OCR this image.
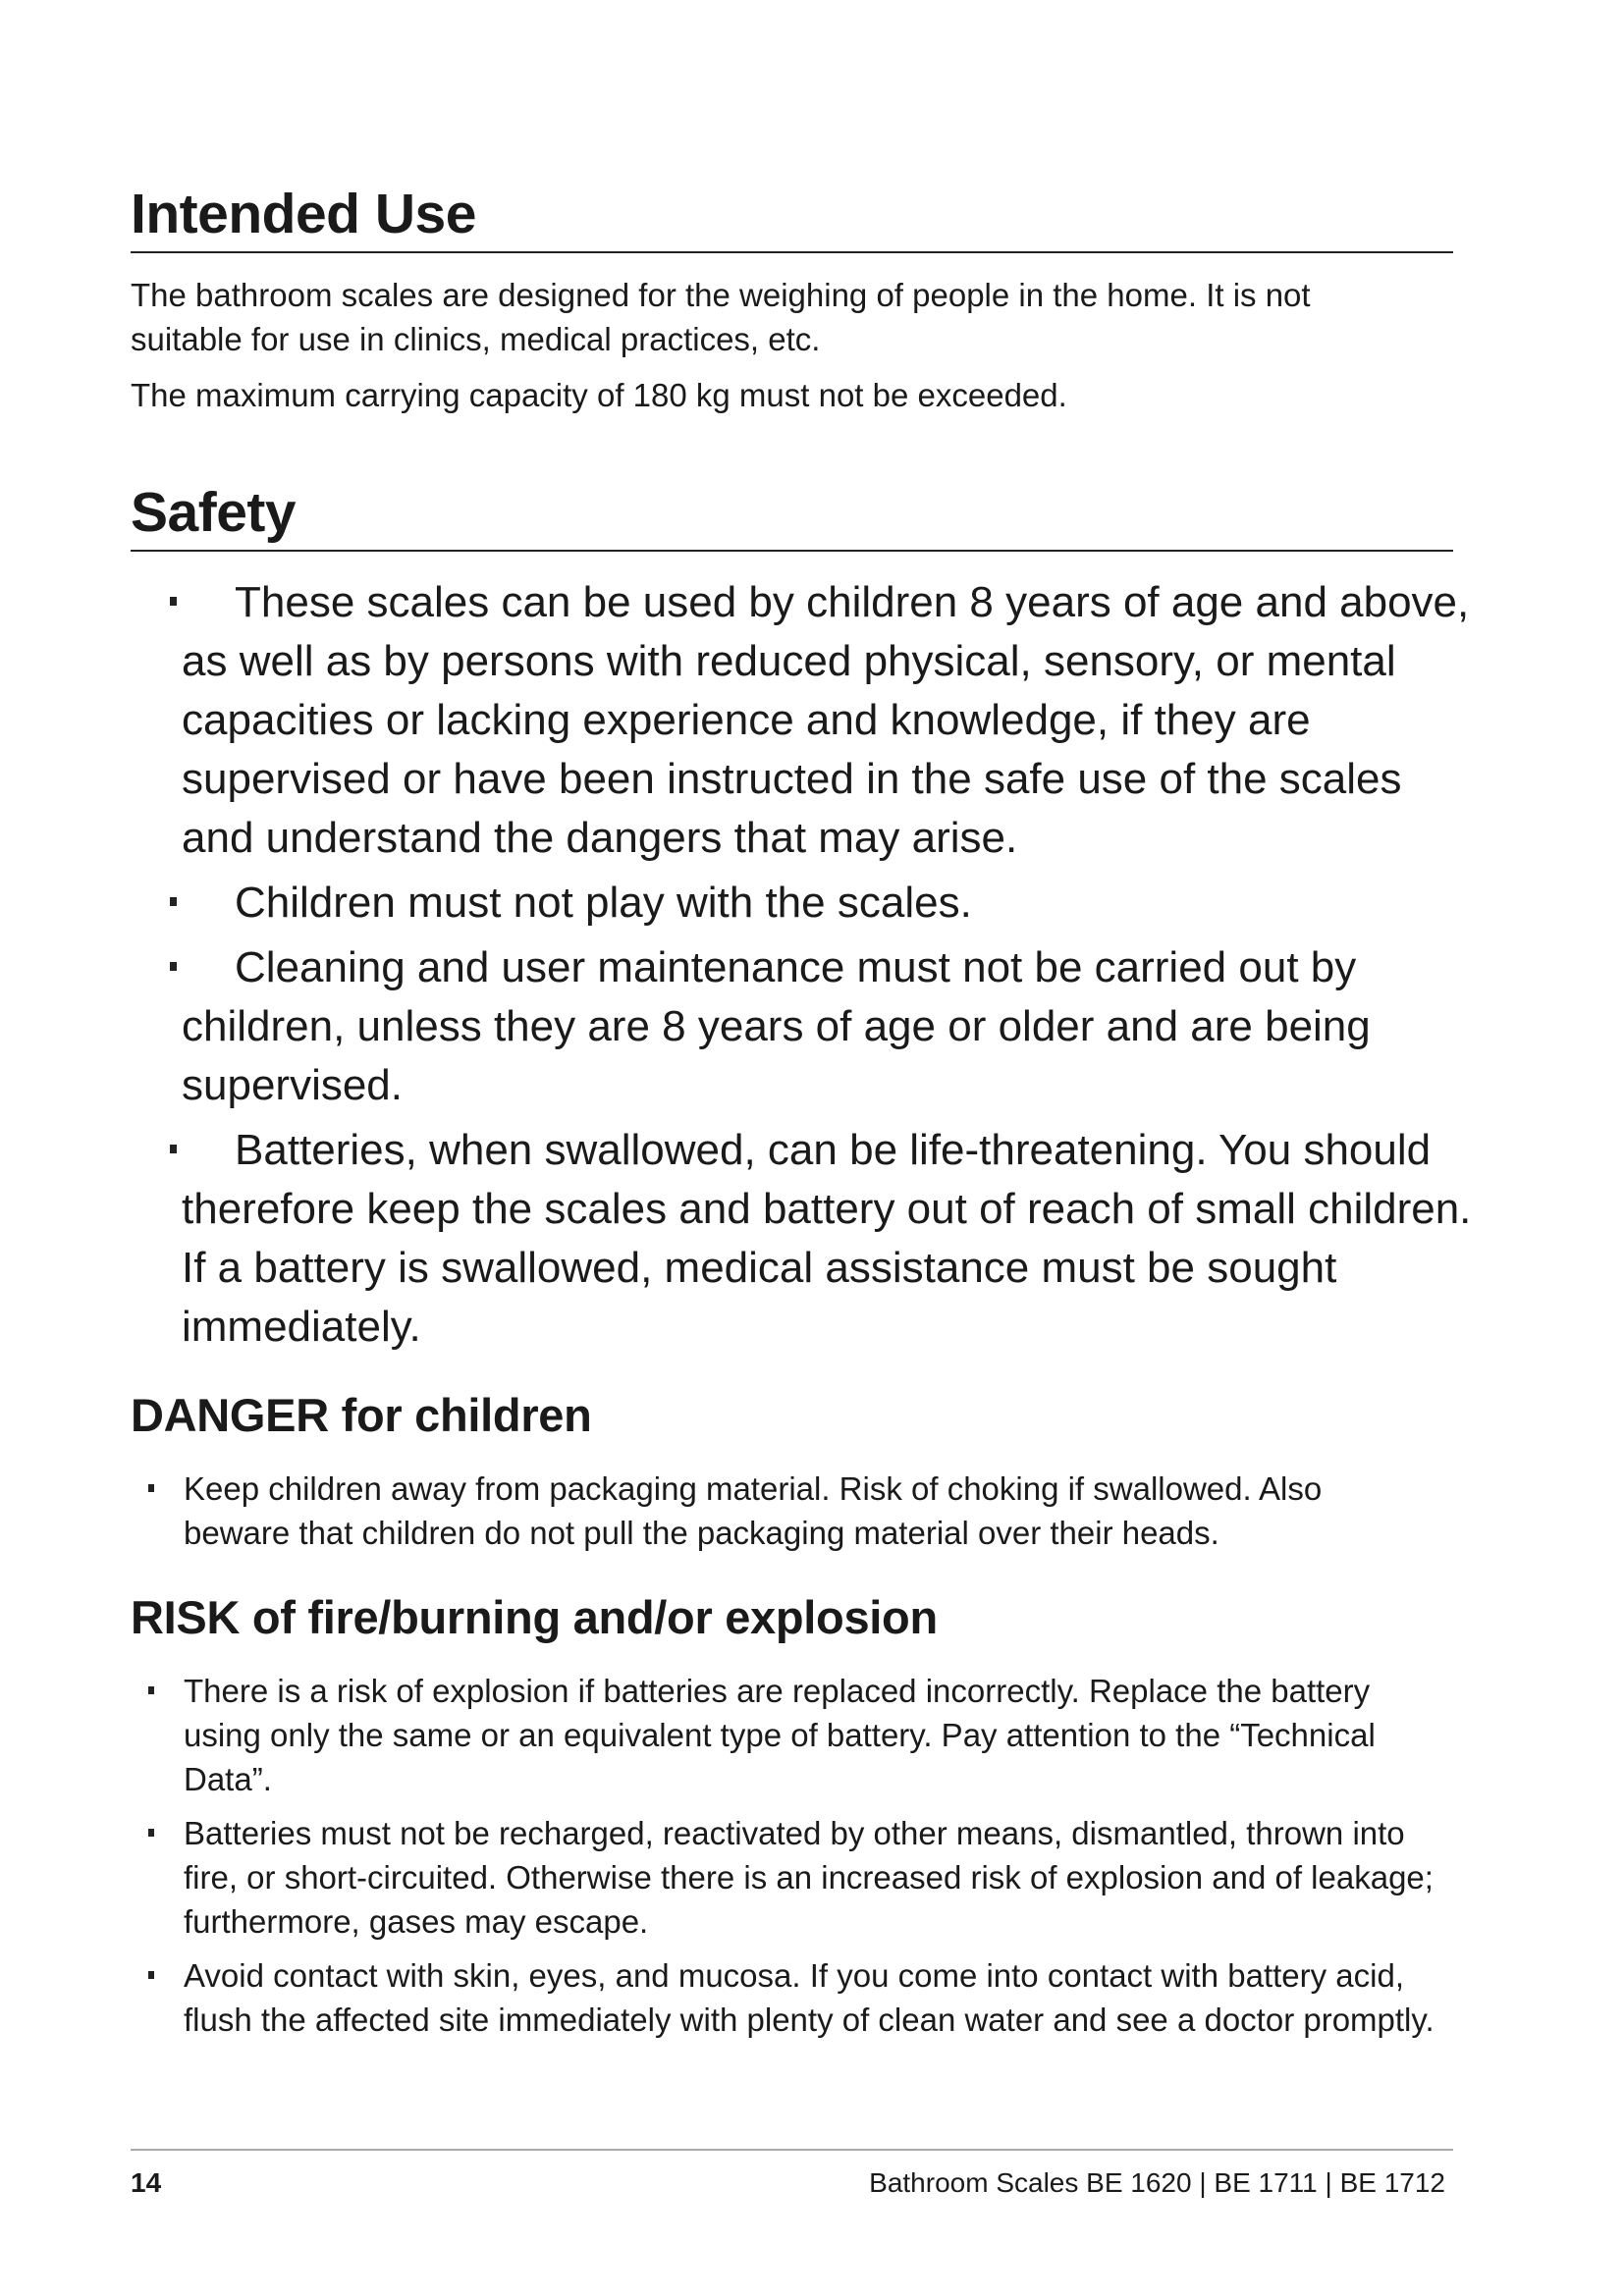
Intended Use

The bathroom scales are designed for the weighing of people in the home. It is not suitable for use in clinics, medical practices, etc.

The maximum carrying capacity of 180 kg must not be exceeded.

Safety
These scales can be used by children 8 years of age and above, as well as by persons with reduced physical, sensory, or mental capacities or lacking experience and knowledge, if they are supervised or have been instructed in the safe use of the scales and understand the dangers that may arise.
Children must not play with the scales.
Cleaning and user maintenance must not be carried out by children, unless they are 8 years of age or older and are being supervised.
Batteries, when swallowed, can be life-threatening. You should therefore keep the scales and battery out of reach of small children. If a battery is swallowed, medical assistance must be sought immediately.
DANGER for children
Keep children away from packaging material. Risk of choking if swallowed. Also beware that children do not pull the packaging material over their heads.
RISK of fire/burning and/or explosion
There is a risk of explosion if batteries are replaced incorrectly. Replace the battery using only the same or an equivalent type of battery. Pay attention to the “Technical Data”.
Batteries must not be recharged, reactivated by other means, dismantled, thrown into fire, or short-circuited. Otherwise there is an increased risk of explosion and of leakage; furthermore, gases may escape.
Avoid contact with skin, eyes, and mucosa. If you come into contact with battery acid, flush the affected site immediately with plenty of clean water and see a doctor promptly.
14	Bathroom Scales BE 1620 | BE 1711 | BE 1712
